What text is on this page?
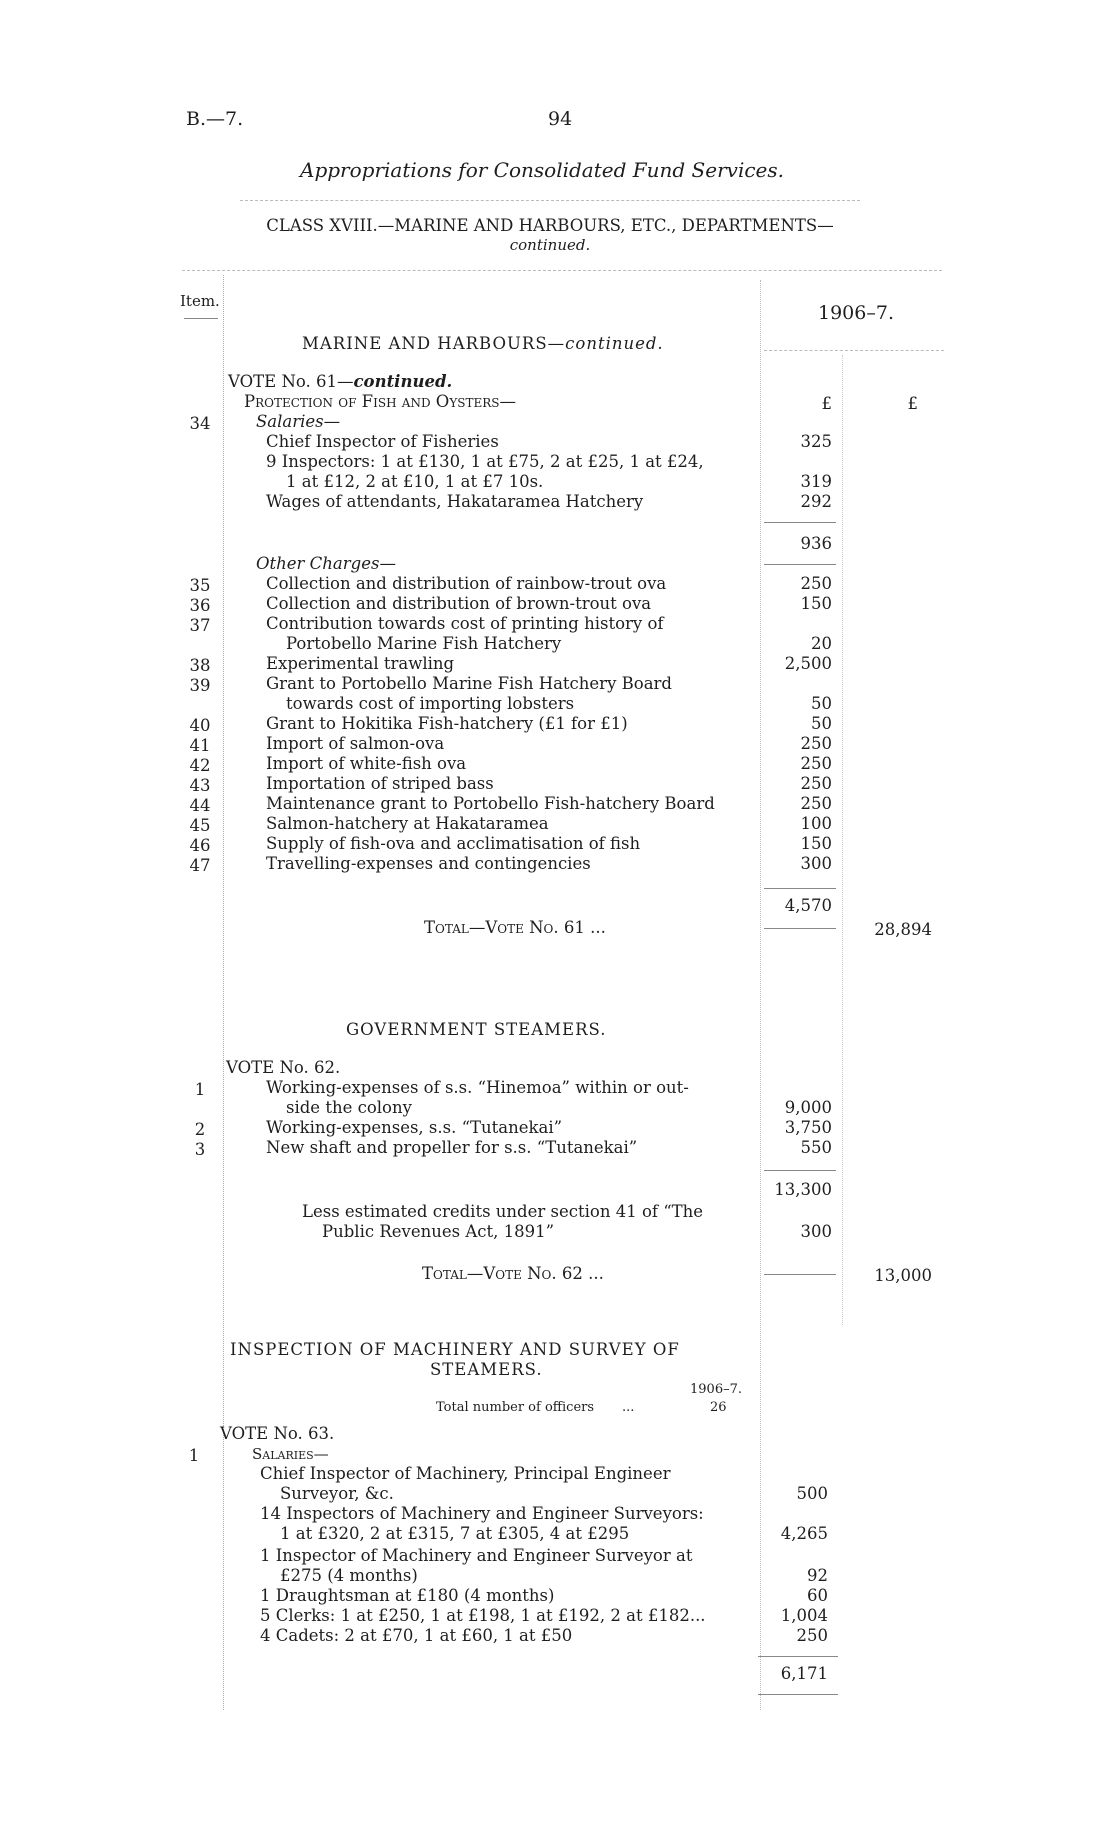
B.—7.	94
Appropriations for Consolidated Fund Services.
CLASS XVIII.—MARINE AND HARBOURS, ETC., DEPARTMENTS—
continued.
Item.
1906–7.
MARINE AND HARBOURS—continued.
VOTE No. 61—continued.
£	£
Protection of Fish and Oysters—
34	Salaries—
Chief Inspector of Fisheries	325
9 Inspectors: 1 at £130, 1 at £75, 2 at £25, 1 at £24,
1 at £12, 2 at £10, 1 at £7 10s.	319
Wages of attendants, Hakataramea Hatchery	292
936
Other Charges—
35	Collection and distribution of rainbow-trout ova	250
36	Collection and distribution of brown-trout ova	150
37	Contribution towards cost of printing history of
Portobello Marine Fish Hatchery	20
38	Experimental trawling	2,500
39	Grant to Portobello Marine Fish Hatchery Board
towards cost of importing lobsters	50
40	Grant to Hokitika Fish-hatchery (£1 for £1)	50
41	Import of salmon-ova	250
42	Import of white-fish ova	250
43	Importation of striped bass	250
44	Maintenance grant to Portobello Fish-hatchery Board	250
45	Salmon-hatchery at Hakataramea	100
46	Supply of fish-ova and acclimatisation of fish	150
47	Travelling-expenses and contingencies	300
4,570
Total—Vote No. 61 ...	28,894
GOVERNMENT STEAMERS.
VOTE No. 62.
1	Working-expenses of s.s. “Hinemoa” within or out-
side the colony	9,000
2	Working-expenses, s.s. “Tutanekai”	3,750
3	New shaft and propeller for s.s. “Tutanekai”	550
13,300
Less estimated credits under section 41 of “The
Public Revenues Act, 1891”	300
Total—Vote No. 62 ...	13,000
INSPECTION OF MACHINERY AND SURVEY OF
STEAMERS.
1906–7.
Total number of officers ...	26
VOTE No. 63.
1	Salaries—
Chief Inspector of Machinery, Principal Engineer
Surveyor, &c.	500
14 Inspectors of Machinery and Engineer Surveyors:
1 at £320, 2 at £315, 7 at £305, 4 at £295	4,265
1 Inspector of Machinery and Engineer Surveyor at
£275 (4 months)	92
1 Draughtsman at £180 (4 months)	60
5 Clerks: 1 at £250, 1 at £198, 1 at £192, 2 at £182...	1,004
4 Cadets: 2 at £70, 1 at £60, 1 at £50	250
6,171
